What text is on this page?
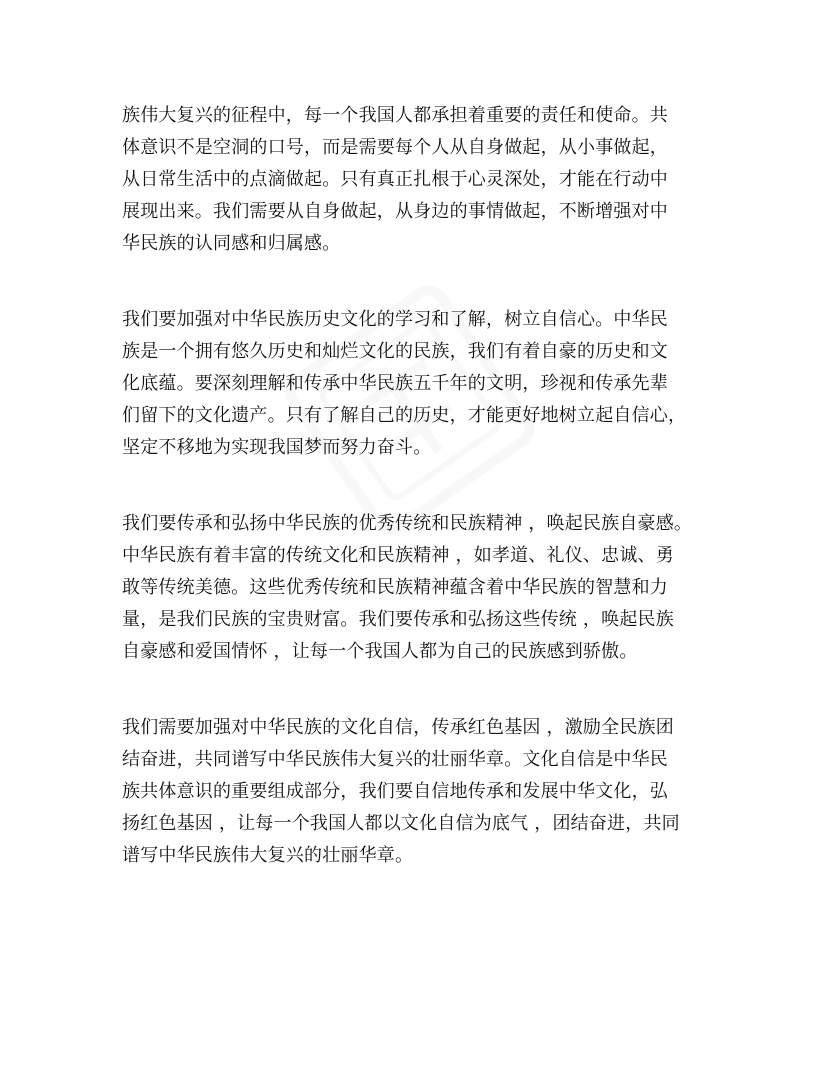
族伟大复兴的征程中，每一个我国人都承担着重要的责任和使命。共
体意识不是空洞的口号，而是需要每个人从自身做起，从小事做起，
从日常生活中的点滴做起。只有真正扎根于心灵深处，才能在行动中
展现出来。我们需要从自身做起，从身边的事情做起，不断增强对中
华民族的认同感和归属感。
我们要加强对中华民族历史文化的学习和了解，树立自信心。中华民
族是一个拥有悠久历史和灿烂文化的民族，我们有着自豪的历史和文
化底蕴。要深刻理解和传承中华民族五千年的文明，珍视和传承先辈
们留下的文化遗产。只有了解自己的历史，才能更好地树立起自信心，
坚定不移地为实现我国梦而努力奋斗。
我们要传承和弘扬中华民族的优秀传统和民族精神 ，唤起民族自豪感。
中华民族有着丰富的传统文化和民族精神 ，如孝道、礼仪、忠诚、勇
敢等传统美德。这些优秀传统和民族精神蕴含着中华民族的智慧和力
量，是我们民族的宝贵财富。我们要传承和弘扬这些传统 ，唤起民族
自豪感和爱国情怀 ，让每一个我国人都为自己的民族感到骄傲。
我们需要加强对中华民族的文化自信，传承红色基因 ，激励全民族团
结奋进，共同谱写中华民族伟大复兴的壮丽华章。文化自信是中华民
族共体意识的重要组成部分，我们要自信地传承和发展中华文化，弘
扬红色基因 ，让每一个我国人都以文化自信为底气 ，团结奋进，共同
谱写中华民族伟大复兴的壮丽华章。
